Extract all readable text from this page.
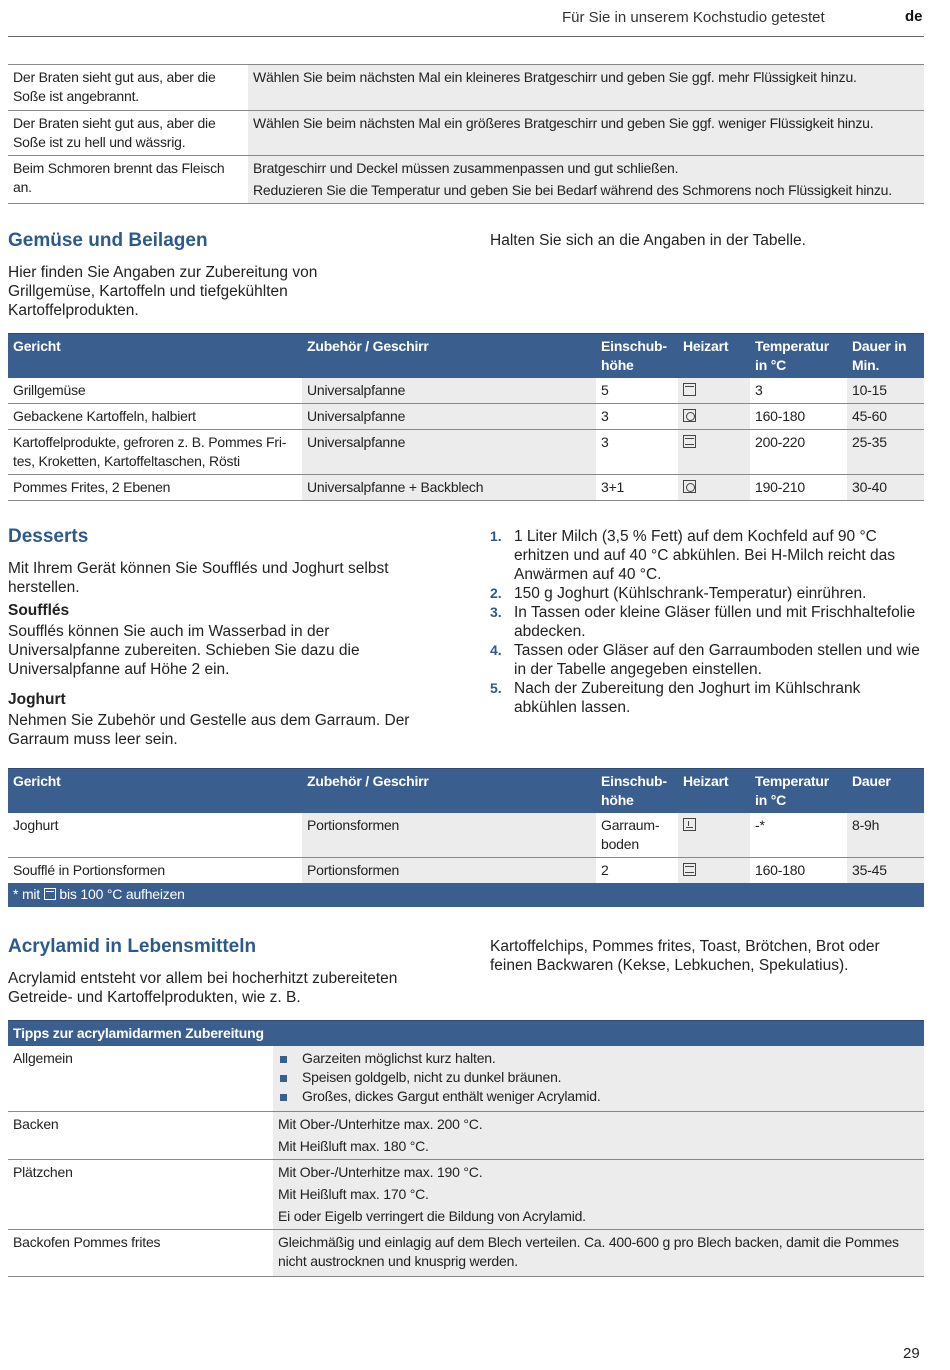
Für Sie in unserem Kochstudio getestet	de
Der Braten sieht gut aus, aber die Soße ist angebrannt.	Wählen Sie beim nächsten Mal ein kleineres Bratgeschirr und geben Sie ggf. mehr Flüssigkeit hinzu.

Der Braten sieht gut aus, aber die Soße ist zu hell und wässrig.	Wählen Sie beim nächsten Mal ein größeres Bratgeschirr und geben Sie ggf. weniger Flüssigkeit hinzu.

Beim Schmoren brennt das Fleisch an.	Bratgeschirr und Deckel müssen zusammenpassen und gut schließen.
Reduzieren Sie die Temperatur und geben Sie bei Bedarf während des Schmorens noch Flüssigkeit hinzu.
Gemüse und Beilagen
Hier finden Sie Angaben zur Zubereitung von Grillgemüse, Kartoffeln und tiefgekühlten Kartoffelprodukten.
Halten Sie sich an die Angaben in der Tabelle.
Gericht	Zubehör / Geschirr	Einschub-höhe	Heizart	Temperatur in °C	Dauer in Min.
Grillgemüse	Universalpfanne	5		3	10-15
Gebackene Kartoffeln, halbiert	Universalpfanne	3		160-180	45-60
Kartoffelprodukte, gefroren z. B. Pommes Fri-tes, Kroketten, Kartoffeltaschen, Rösti	Universalpfanne	3		200-220	25-35
Pommes Frites, 2 Ebenen	Universalpfanne + Backblech	3+1		190-210	30-40
Desserts
Mit Ihrem Gerät können Sie Soufflés und Joghurt selbst herstellen.
Soufflés
Soufflés können Sie auch im Wasserbad in der Universalpfanne zubereiten. Schieben Sie dazu die Universalpfanne auf Höhe 2 ein.
Joghurt
Nehmen Sie Zubehör und Gestelle aus dem Garraum. Der Garraum muss leer sein.
1. 1 Liter Milch (3,5 % Fett) auf dem Kochfeld auf 90 °C erhitzen und auf 40 °C abkühlen. Bei H-Milch reicht das Anwärmen auf 40 °C.
2. 150 g Joghurt (Kühlschrank-Temperatur) einrühren.
3. In Tassen oder kleine Gläser füllen und mit Frischhaltefolie abdecken.
4. Tassen oder Gläser auf den Garraumboden stellen und wie in der Tabelle angegeben einstellen.
5. Nach der Zubereitung den Joghurt im Kühlschrank abkühlen lassen.
Gericht	Zubehör / Geschirr	Einschub-höhe	Heizart	Temperatur in °C	Dauer
Joghurt	Portionsformen	Garraum-boden		-*	8-9h
Soufflé in Portionsformen	Portionsformen	2		160-180	35-45
* mit bis 100 °C aufheizen					
Acrylamid in Lebensmitteln
Acrylamid entsteht vor allem bei hocherhitzt zubereiteten Getreide- und Kartoffelprodukten, wie z. B.
Kartoffelchips, Pommes frites, Toast, Brötchen, Brot oder feinen Backwaren (Kekse, Lebkuchen, Spekulatius).
Tipps zur acrylamidarmen Zubereitung	
Allgemein	Garzeiten möglichst kurz halten.
Speisen goldgelb, nicht zu dunkel bräunen.
Großes, dickes Gargut enthält weniger Acrylamid.

Backen	Mit Ober-/Unterhitze max. 200 °C.
Mit Heißluft max. 180 °C.

Plätzchen	Mit Ober-/Unterhitze max. 190 °C.
Mit Heißluft max. 170 °C.
Ei oder Eigelb verringert die Bildung von Acrylamid.

Backofen Pommes frites	Gleichmäßig und einlagig auf dem Blech verteilen. Ca. 400-600 g pro Blech backen, damit die Pommes nicht austrocknen und knusprig werden.
29
